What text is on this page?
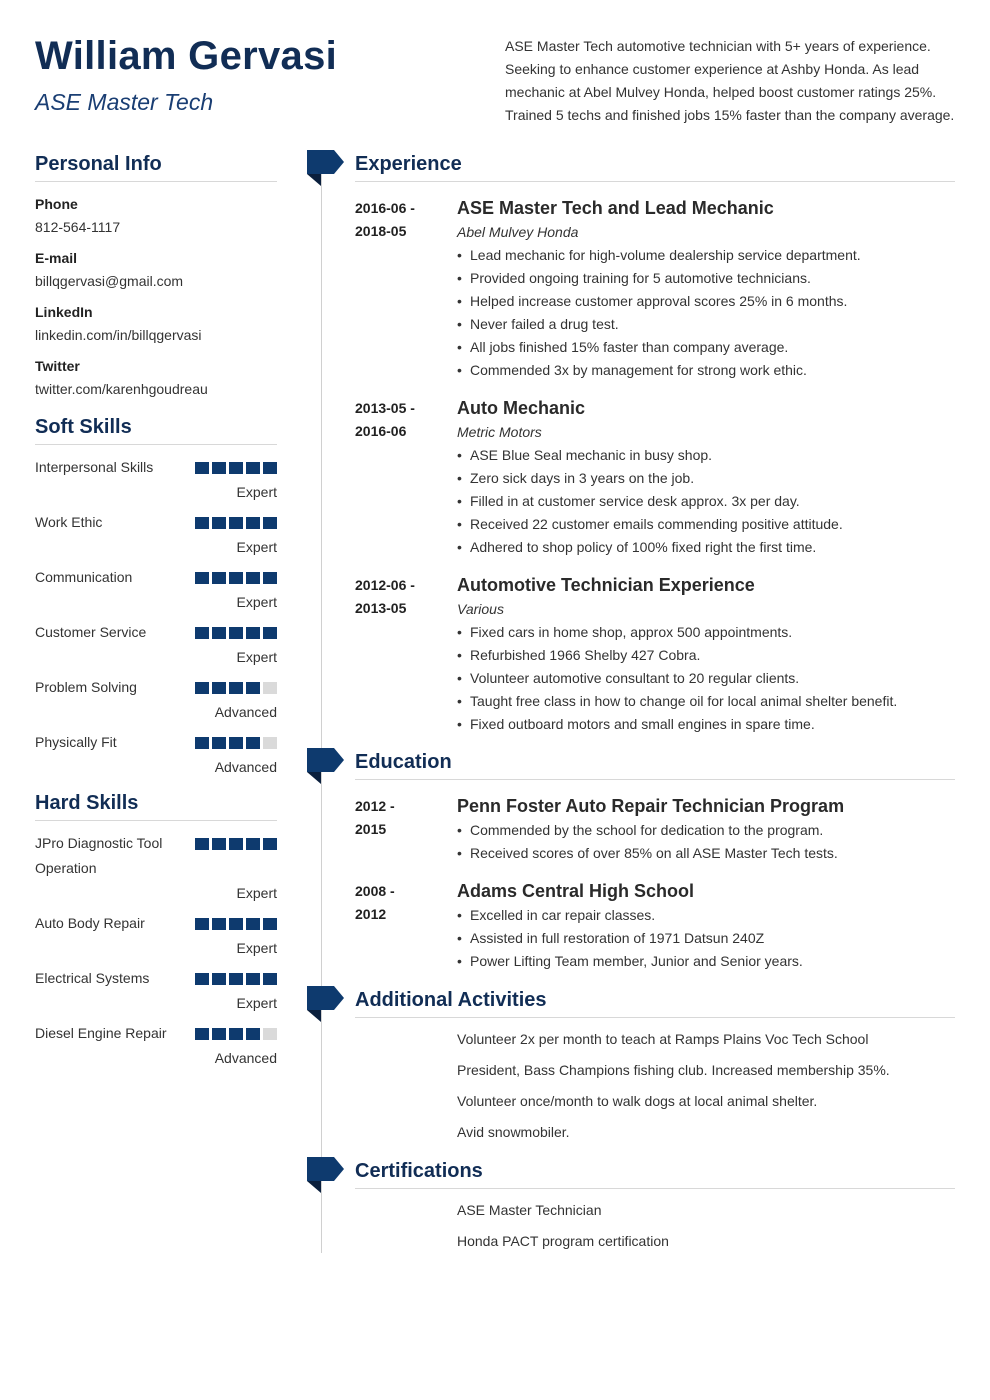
William Gervasi
ASE Master Tech
ASE Master Tech automotive technician with 5+ years of experience. Seeking to enhance customer experience at Ashby Honda. As lead mechanic at Abel Mulvey Honda, helped boost customer ratings 25%. Trained 5 techs and finished jobs 15% faster than the company average.
Personal Info
Phone
812-564-1117
E-mail
billqgervasi@gmail.com
LinkedIn
linkedin.com/in/billqgervasi
Twitter
twitter.com/karenhgoudreau
Soft Skills
Interpersonal Skills
Expert
Work Ethic
Expert
Communication
Expert
Customer Service
Expert
Problem Solving
Advanced
Physically Fit
Advanced
Hard Skills
JPro Diagnostic Tool Operation
Expert
Auto Body Repair
Expert
Electrical Systems
Expert
Diesel Engine Repair
Advanced
Experience
2016-06 -
2018-05
ASE Master Tech and Lead Mechanic
Abel Mulvey Honda
• Lead mechanic for high-volume dealership service department.
• Provided ongoing training for 5 automotive technicians.
• Helped increase customer approval scores 25% in 6 months.
• Never failed a drug test.
• All jobs finished 15% faster than company average.
• Commended 3x by management for strong work ethic.
2013-05 -
2016-06
Auto Mechanic
Metric Motors
• ASE Blue Seal mechanic in busy shop.
• Zero sick days in 3 years on the job.
• Filled in at customer service desk approx. 3x per day.
• Received 22 customer emails commending positive attitude.
• Adhered to shop policy of 100% fixed right the first time.
2012-06 -
2013-05
Automotive Technician Experience
Various
• Fixed cars in home shop, approx 500 appointments.
• Refurbished 1966 Shelby 427 Cobra.
• Volunteer automotive consultant to 20 regular clients.
• Taught free class in how to change oil for local animal shelter benefit.
• Fixed outboard motors and small engines in spare time.
Education
2012 -
2015
Penn Foster Auto Repair Technician Program
• Commended by the school for dedication to the program.
• Received scores of over 85% on all ASE Master Tech tests.
2008 -
2012
Adams Central High School
• Excelled in car repair classes.
• Assisted in full restoration of 1971 Datsun 240Z
• Power Lifting Team member, Junior and Senior years.
Additional Activities
Volunteer 2x per month to teach at Ramps Plains Voc Tech School
President, Bass Champions fishing club. Increased membership 35%.
Volunteer once/month to walk dogs at local animal shelter.
Avid snowmobiler.
Certifications
ASE Master Technician
Honda PACT program certification
